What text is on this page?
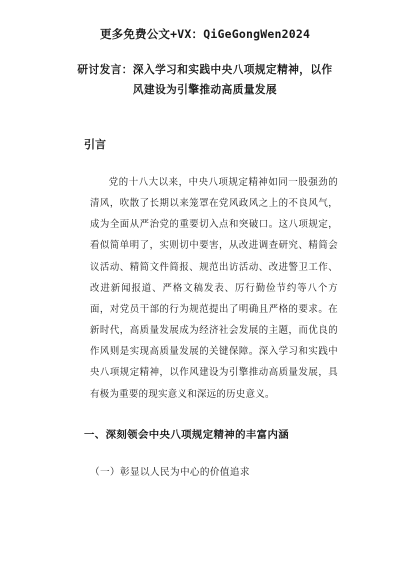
更多免费公文+VX：QiGeGongWen2024
研讨发言：深入学习和实践中央八项规定精神，以作风建设为引擎推动高质量发展
引言

党的十八大以来，中央八项规定精神如同一股强劲的清风，吹散了长期以来笼罩在党风政风之上的不良风气，成为全面从严治党的重要切入点和突破口。这八项规定，看似简单明了，实则切中要害，从改进调查研究、精简会议活动、精简文件简报、规范出访活动、改进警卫工作、改进新闻报道、严格文稿发表、厉行勤俭节约等八个方面，对党员干部的行为规范提出了明确且严格的要求。在新时代，高质量发展成为经济社会发展的主题，而优良的作风则是实现高质量发展的关键保障。深入学习和实践中央八项规定精神，以作风建设为引擎推动高质量发展，具有极为重要的现实意义和深远的历史意义。

一、深刻领会中央八项规定精神的丰富内涵
（一）彰显以人民为中心的价值追求
